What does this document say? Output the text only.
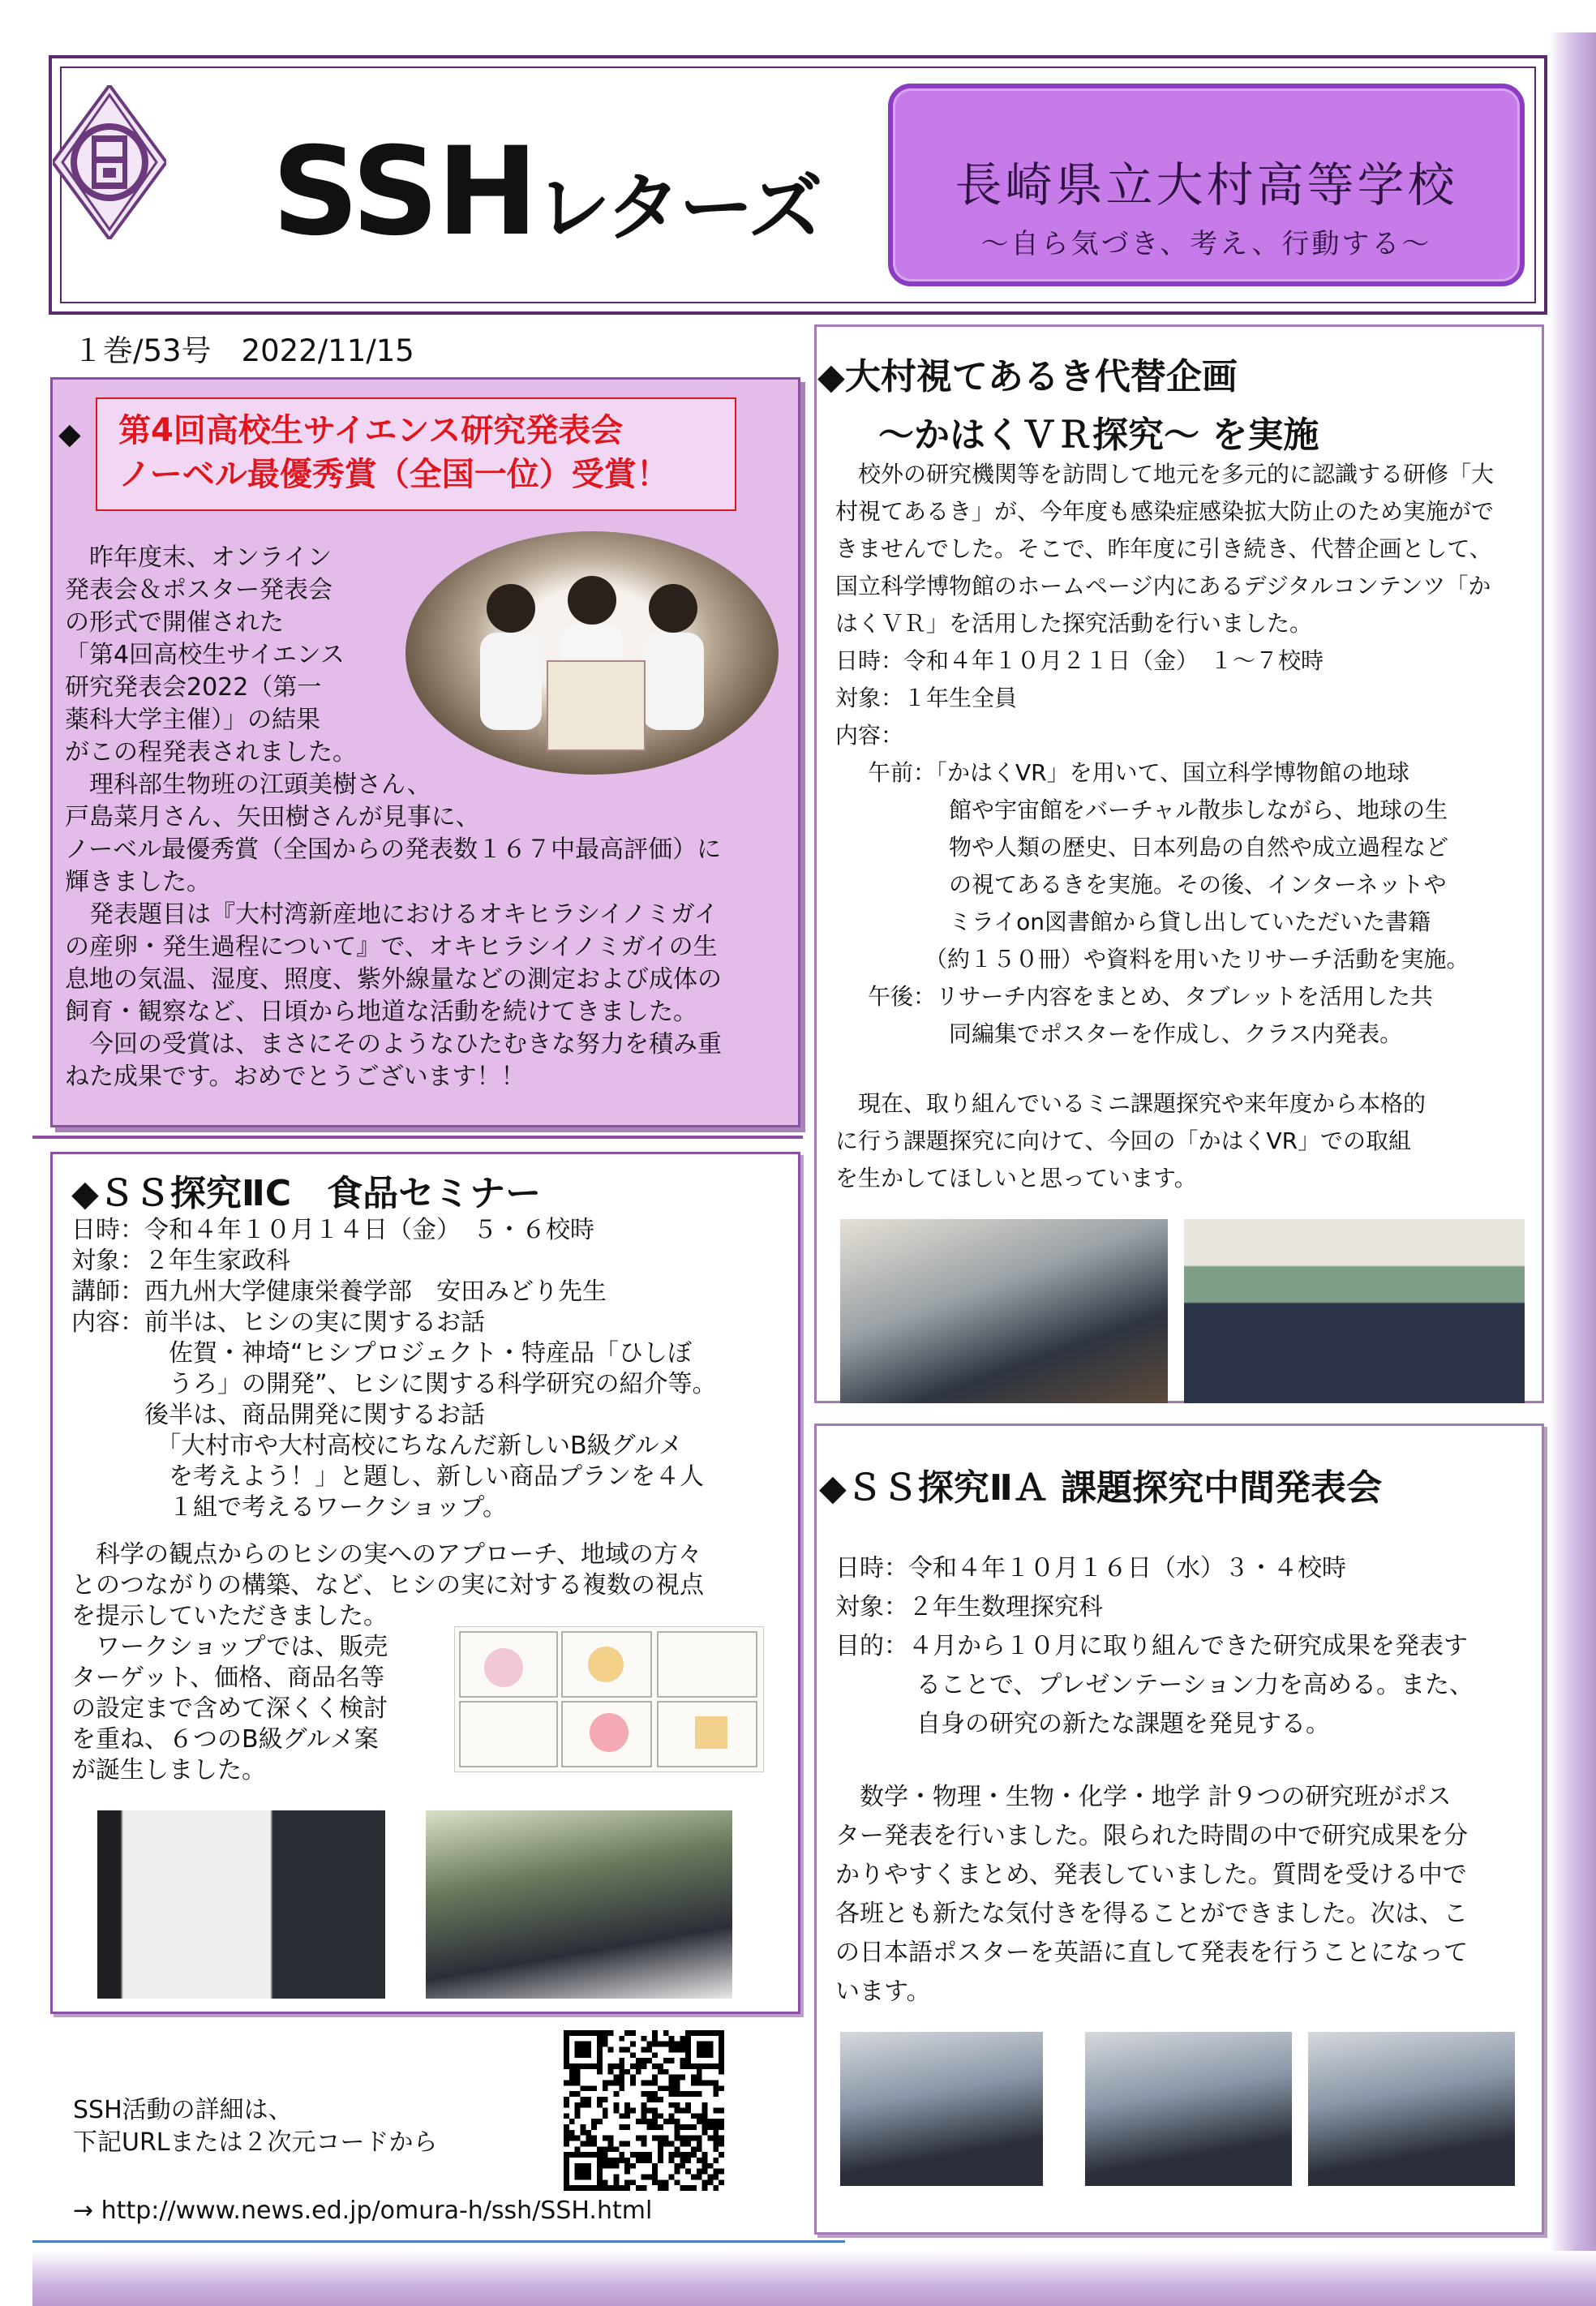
SSHレターズ	長崎県立大村高等学校
～自ら気づき、考え、行動する～
１巻/53号　2022/11/15
◆ 第4回高校生サイエンス研究発表会
ノーベル最優秀賞（全国一位）受賞！

　昨年度末、オンライン

発表会＆ポスター発表会

の形式で開催された

「第4回高校生サイエンス

研究発表会2022（第一

薬科大学主催）」の結果

がこの程発表されました。

　理科部生物班の江頭美樹さん、

戸島菜月さん、矢田樹さんが見事に、

ノーベル最優秀賞（全国からの発表数１６７中最高評価）に

輝きました。

　発表題目は『大村湾新産地におけるオキヒラシイノミガイ

の産卵・発生過程について』で、オキヒラシイノミガイの生

息地の気温、湿度、照度、紫外線量などの測定および成体の

飼育・観察など、日頃から地道な活動を続けてきました。

　今回の受賞は、まさにそのようなひたむきな努力を積み重

ねた成果です。おめでとうございます！！

◆大村視てあるき代替企画
～かはくＶＲ探究～ を実施

　校外の研究機関等を訪問して地元を多元的に認識する研修「大

村視てあるき」が、今年度も感染症感染拡大防止のため実施がで

きませんでした。そこで、昨年度に引き続き、代替企画として、

国立科学博物館のホームページ内にあるデジタルコンテンツ「か

はくＶＲ」を活用した探究活動を行いました。

日時：令和４年１０月２１日（金）　１～７校時

対象：１年生全員

内容：

午前：「かはくVR」を用いて、国立科学博物館の地球

館や宇宙館をバーチャル散歩しながら、地球の生

物や人類の歴史、日本列島の自然や成立過程など

の視てあるきを実施。その後、インターネットや

ミライon図書館から貸し出していただいた書籍

（約１５０冊）や資料を用いたリサーチ活動を実施。

午後：リサーチ内容をまとめ、タブレットを活用した共

同編集でポスターを作成し、クラス内発表。

　現在、取り組んでいるミニ課題探究や来年度から本格的

に行う課題探究に向けて、今回の「かはくVR」での取組

を生かしてほしいと思っています。

◆ＳＳ探究ⅡＡ 課題探究中間発表会

日時：令和４年１０月１６日（水）３・４校時

対象：２年生数理探究科

目的：４月から１０月に取り組んできた研究成果を発表す

ることで、プレゼンテーション力を高める。また、

自身の研究の新たな課題を発見する。

　数学・物理・生物・化学・地学 計９つの研究班がポス

ター発表を行いました。限られた時間の中で研究成果を分

かりやすくまとめ、発表していました。質問を受ける中で

各班とも新たな気付きを得ることができました。次は、こ

の日本語ポスターを英語に直して発表を行うことになって

います。

◆ＳＳ探究ⅡC　食品セミナー

日時：令和４年１０月１４日（金）　５・６校時

対象：２年生家政科

講師：西九州大学健康栄養学部　安田みどり先生

内容：前半は、ヒシの実に関するお話

　　　　佐賀・神埼“ヒシプロジェクト・特産品「ひしぼ

　　　　うろ」の開発”、ヒシに関する科学研究の紹介等。

　　　後半は、商品開発に関するお話

　　　　「大村市や大村高校にちなんだ新しいB級グルメ

　　　　を考えよう！」と題し、新しい商品プランを４人

　　　　１組で考えるワークショップ。

　科学の観点からのヒシの実へのアプローチ、地域の方々

とのつながりの構築、など、ヒシの実に対する複数の視点

を提示していただきました。

　ワークショップでは、販売

ターゲット、価格、商品名等

の設定まで含めて深くく検討

を重ね、６つのB級グルメ案

が誕生しました。

SSH活動の詳細は、
下記URLまたは２次元コードから
→ http://www.news.ed.jp/omura-h/ssh/SSH.html
